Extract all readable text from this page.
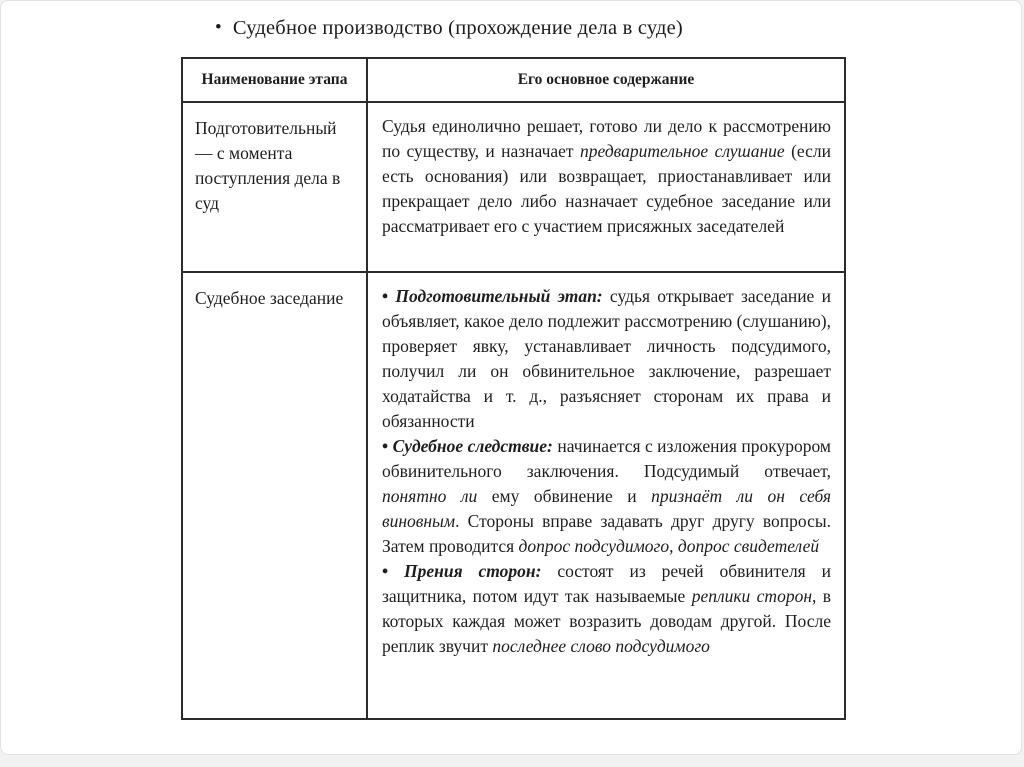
• Судебное производство (прохождение дела в суде)
Наименование этапа	Его основное содержание
Подготовительный — с момента поступления дела в суд

Судья единолично решает, готово ли дело к рассмотрению по существу, и назначает предварительное слушание (если есть основания) или возвращает, приостанавливает или прекращает дело либо назначает судебное заседание или рассматривает его с участием присяжных заседателей

Судебное заседание	• Подготовительный этап: судья открывает заседание и объявляет, какое дело подлежит рассмотрению (слушанию), проверяет явку, устанавливает личность подсудимого, получил ли он обвинительное заключение, разрешает ходатайства и т. д., разъясняет сторонам их права и обязанности

• Судебное следствие: начинается с изложения прокурором обвинительного заключения. Подсудимый отвечает, понятно ли ему обвинение и признаёт ли он себя виновным. Стороны вправе задавать друг другу вопросы. Затем проводится допрос подсудимого, допрос свидетелей

• Прения сторон: состоят из речей обвинителя и защитника, потом идут так называемые реплики сторон, в которых каждая может возразить доводам другой. После реплик звучит последнее слово подсудимого
